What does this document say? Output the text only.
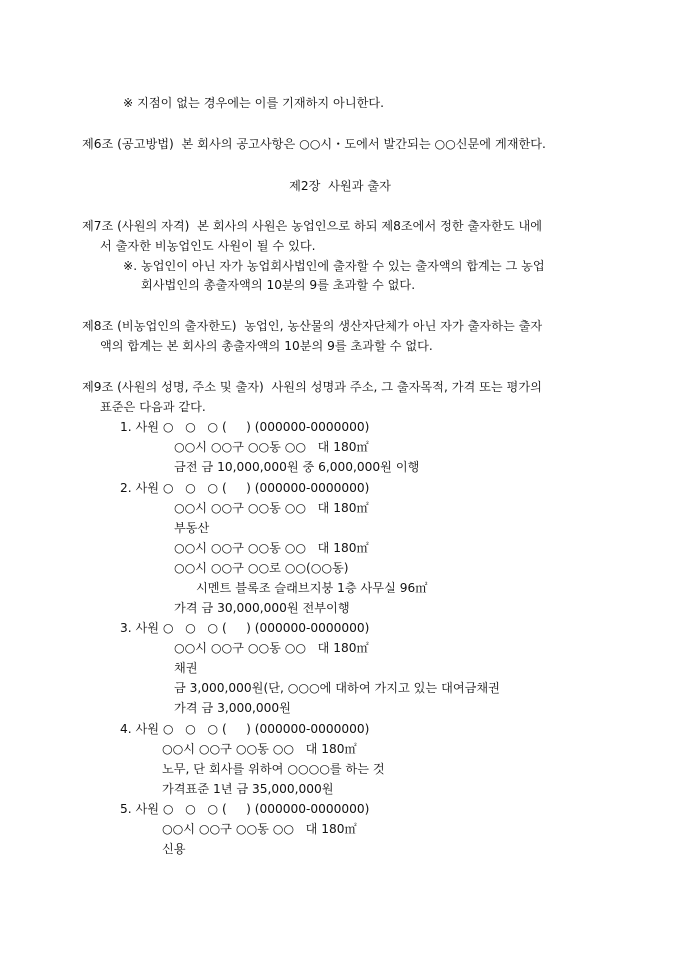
※ 지점이 없는 경우에는 이를 기재하지 아니한다.
제6조 (공고방법)  본 회사의 공고사항은 ○○시・도에서 발간되는 ○○신문에 게재한다.
제2장  사원과 출자
제7조 (사원의 자격)  본 회사의 사원은 농업인으로 하되 제8조에서 정한 출자한도 내에
서 출자한 비농업인도 사원이 될 수 있다.
※. 농업인이 아닌 자가 농업회사법인에 출자할 수 있는 출자액의 합계는 그 농업
회사법인의 총출자액의 10분의 9를 초과할 수 없다.
제8조 (비농업인의 출자한도)  농업인, 농산물의 생산자단체가 아닌 자가 출자하는 출자
액의 합계는 본 회사의 총출자액의 10분의 9를 초과할 수 없다.
제9조 (사원의 성명, 주소 및 출자)  사원의 성명과 주소, 그 출자목적, 가격 또는 평가의
표준은 다음과 같다.
1. 사원 ○   ○   ○ (     ) (000000-0000000)
○○시 ○○구 ○○동 ○○   대 180㎡
금전 금 10,000,000원 중 6,000,000원 이행
2. 사원 ○   ○   ○ (     ) (000000-0000000)
○○시 ○○구 ○○동 ○○   대 180㎡
부동산
○○시 ○○구 ○○동 ○○   대 180㎡
○○시 ○○구 ○○로 ○○(○○동)
시멘트 블록조 슬래브지붕 1층 사무실 96㎡
가격 금 30,000,000원 전부이행
3. 사원 ○   ○   ○ (     ) (000000-0000000)
○○시 ○○구 ○○동 ○○   대 180㎡
채권
금 3,000,000원(단, ○○○에 대하여 가지고 있는 대여금채권
가격 금 3,000,000원
4. 사원 ○   ○   ○ (     ) (000000-0000000)
○○시 ○○구 ○○동 ○○   대 180㎡
노무, 단 회사를 위하여 ○○○○를 하는 것
가격표준 1년 금 35,000,000원
5. 사원 ○   ○   ○ (     ) (000000-0000000)
○○시 ○○구 ○○동 ○○   대 180㎡
신용
